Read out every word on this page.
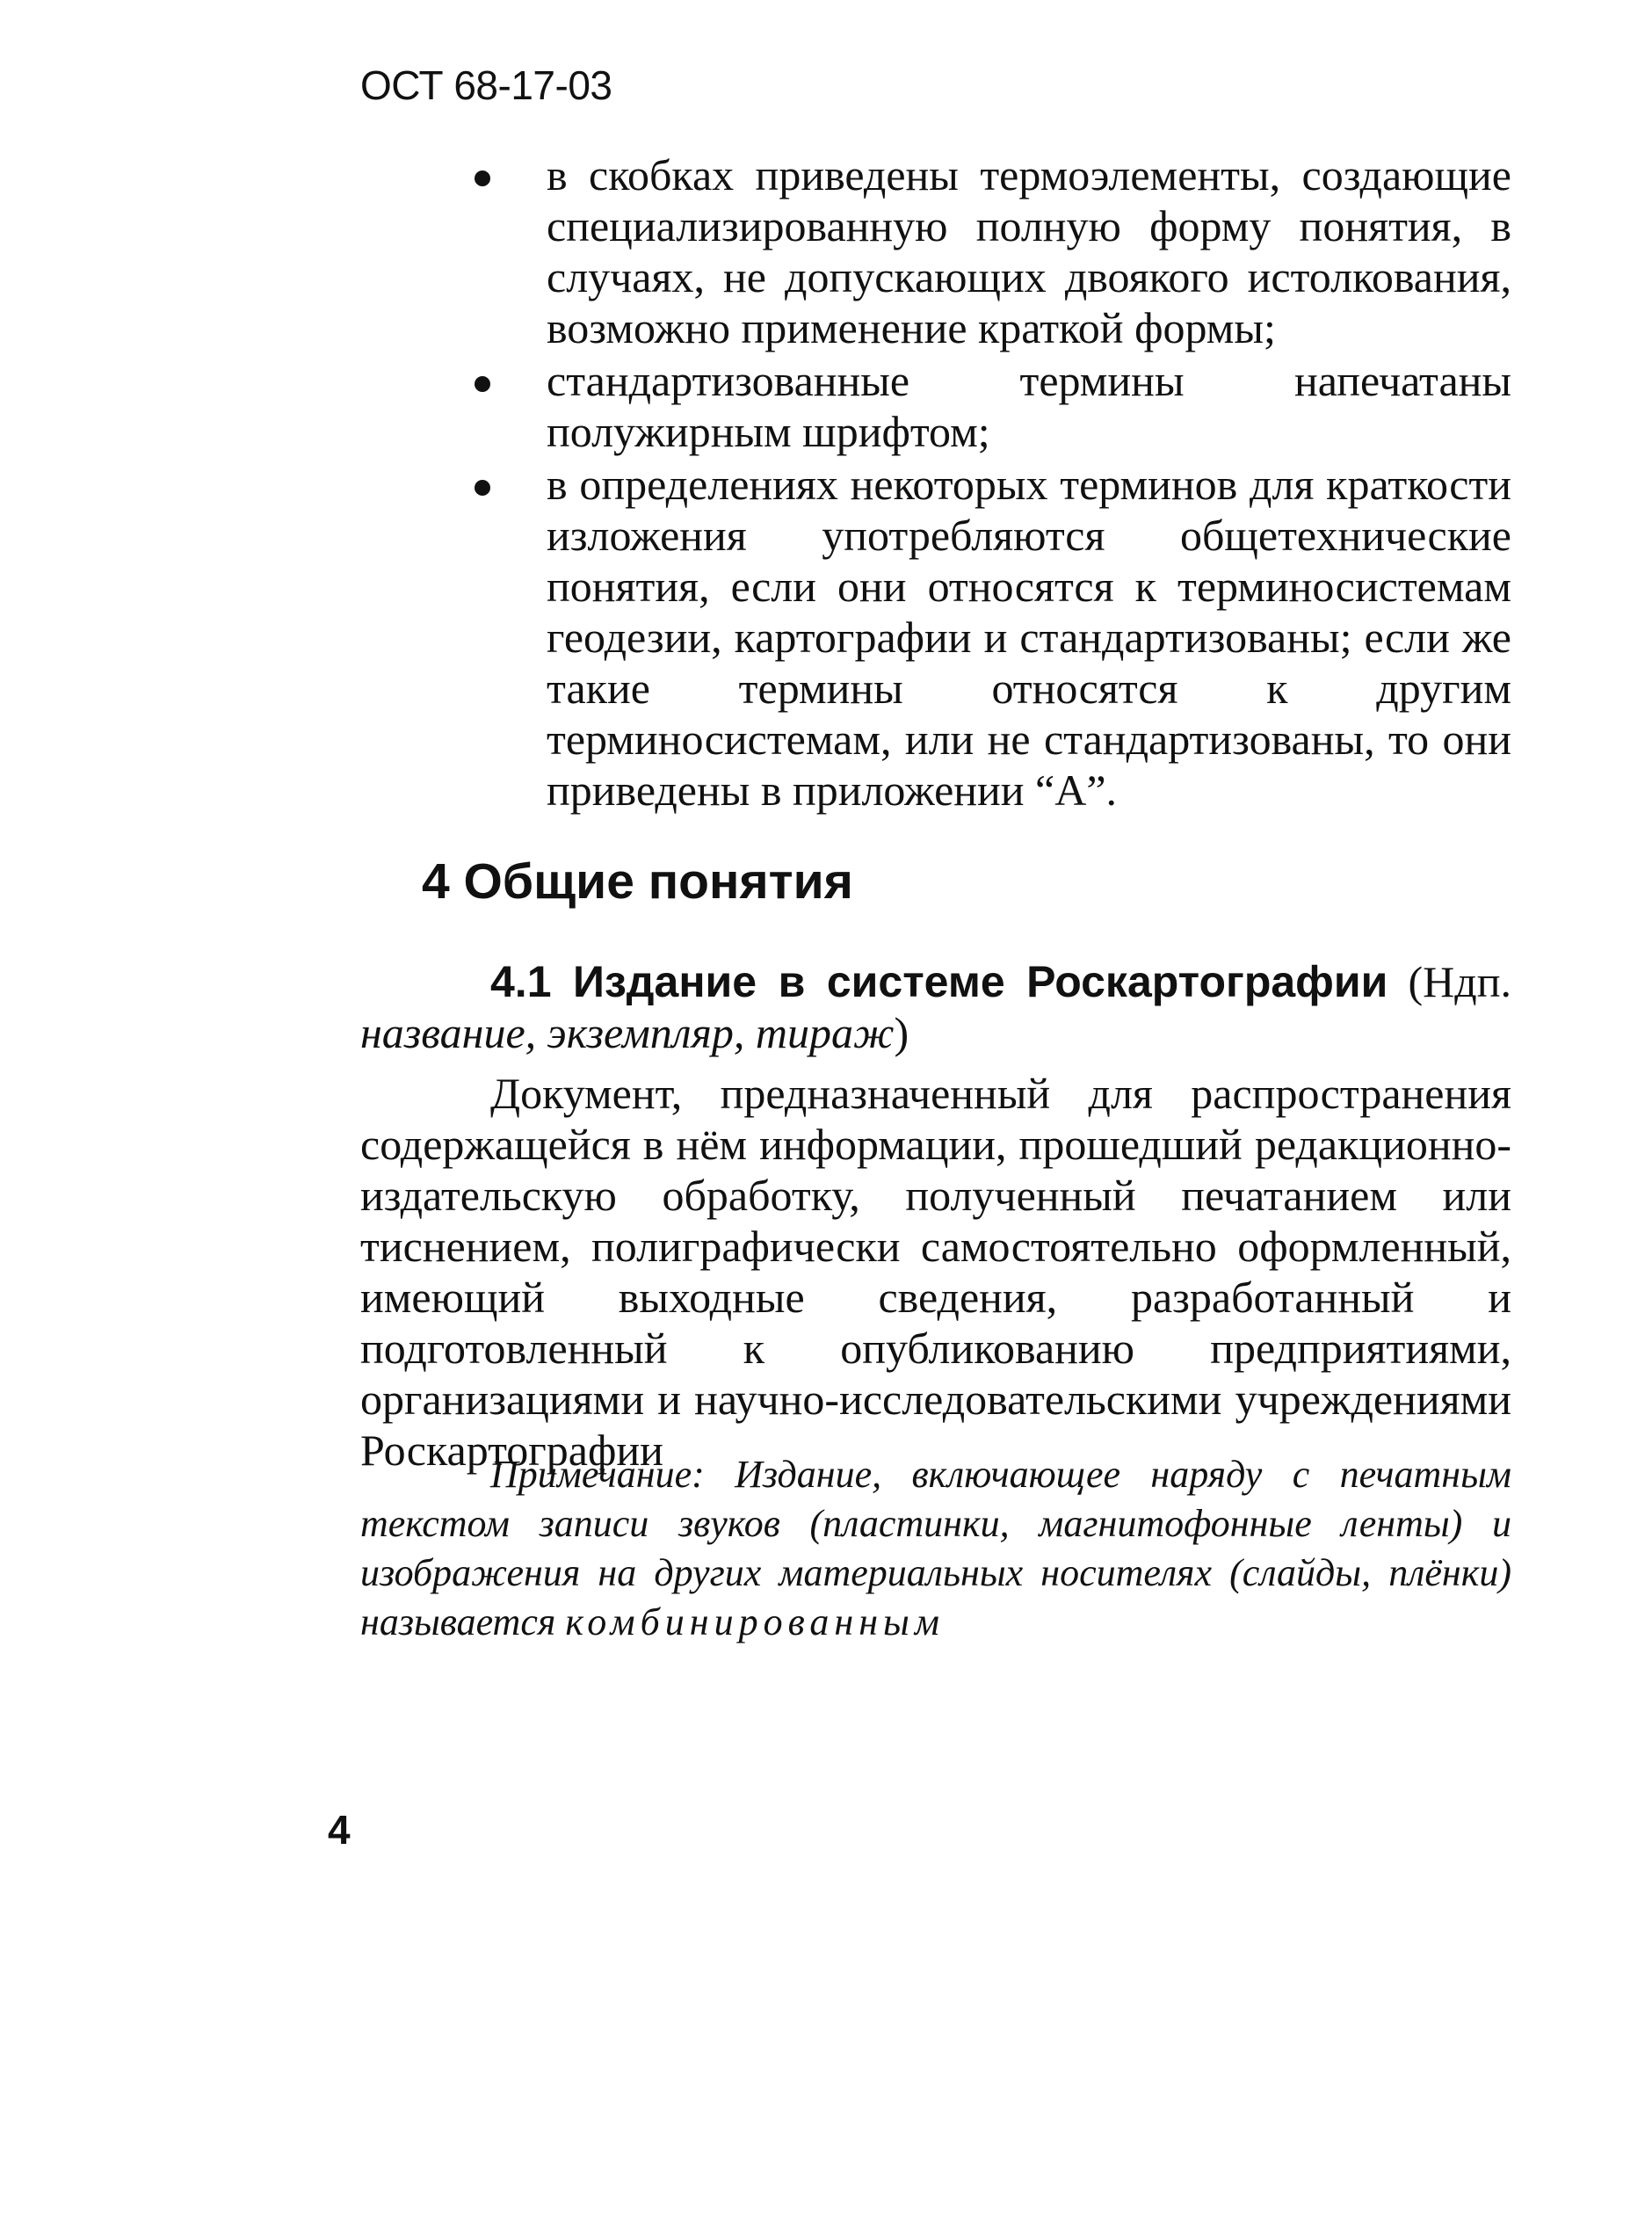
ОСТ 68-17-03
в скобках приведены термоэлементы, создающие специализированную полную форму понятия, в случаях, не допускающих двоякого истолкования, возможно применение краткой формы;
стандартизованные термины напечатаны полужирным шрифтом;
в определениях некоторых терминов для краткости изложения употребляются общетехнические понятия, если они относятся к терминосистемам геодезии, картографии и стандартизованы; если же такие термины относятся к другим терминосистемам, или не стандартизованы, то они приведены в приложении “А”.
4 Общие понятия
4.1 Издание в системе Роскартографии (Ндп. название, экземпляр, тираж)

Документ, предназначенный для распространения содержащейся в нём информации, прошедший редакционно-издательскую обработку, полученный печатанием или тиснением, полиграфически самостоятельно оформленный, имеющий выходные сведения, разработанный и подготовленный к опубликованию предприятиями, организациями и научно-исследовательскими учреждениями Роскартографии

Примечание: Издание, включающее наряду с печатным текстом записи звуков (пластинки, магнитофонные ленты) и изображения на других материальных носителях (слайды, плёнки) называется комбинированным

4
